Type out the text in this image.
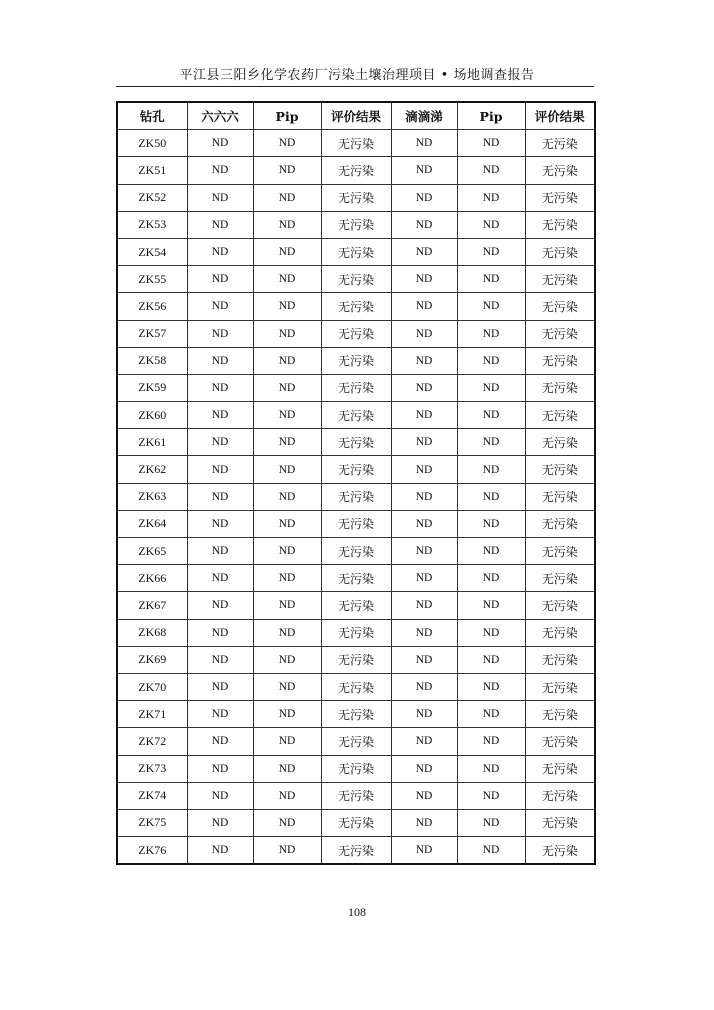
平江县三阳乡化学农药厂污染土壤治理项目 • 场地调查报告
钻孔	六六六	Pip	评价结果	滴滴涕	Pip	评价结果
ZK50	ND	ND	无污染	ND	ND	无污染
ZK51	ND	ND	无污染	ND	ND	无污染
ZK52	ND	ND	无污染	ND	ND	无污染
ZK53	ND	ND	无污染	ND	ND	无污染
ZK54	ND	ND	无污染	ND	ND	无污染
ZK55	ND	ND	无污染	ND	ND	无污染
ZK56	ND	ND	无污染	ND	ND	无污染
ZK57	ND	ND	无污染	ND	ND	无污染
ZK58	ND	ND	无污染	ND	ND	无污染
ZK59	ND	ND	无污染	ND	ND	无污染
ZK60	ND	ND	无污染	ND	ND	无污染
ZK61	ND	ND	无污染	ND	ND	无污染
ZK62	ND	ND	无污染	ND	ND	无污染
ZK63	ND	ND	无污染	ND	ND	无污染
ZK64	ND	ND	无污染	ND	ND	无污染
ZK65	ND	ND	无污染	ND	ND	无污染
ZK66	ND	ND	无污染	ND	ND	无污染
ZK67	ND	ND	无污染	ND	ND	无污染
ZK68	ND	ND	无污染	ND	ND	无污染
ZK69	ND	ND	无污染	ND	ND	无污染
ZK70	ND	ND	无污染	ND	ND	无污染
ZK71	ND	ND	无污染	ND	ND	无污染
ZK72	ND	ND	无污染	ND	ND	无污染
ZK73	ND	ND	无污染	ND	ND	无污染
ZK74	ND	ND	无污染	ND	ND	无污染
ZK75	ND	ND	无污染	ND	ND	无污染
ZK76	ND	ND	无污染	ND	ND	无污染
108
